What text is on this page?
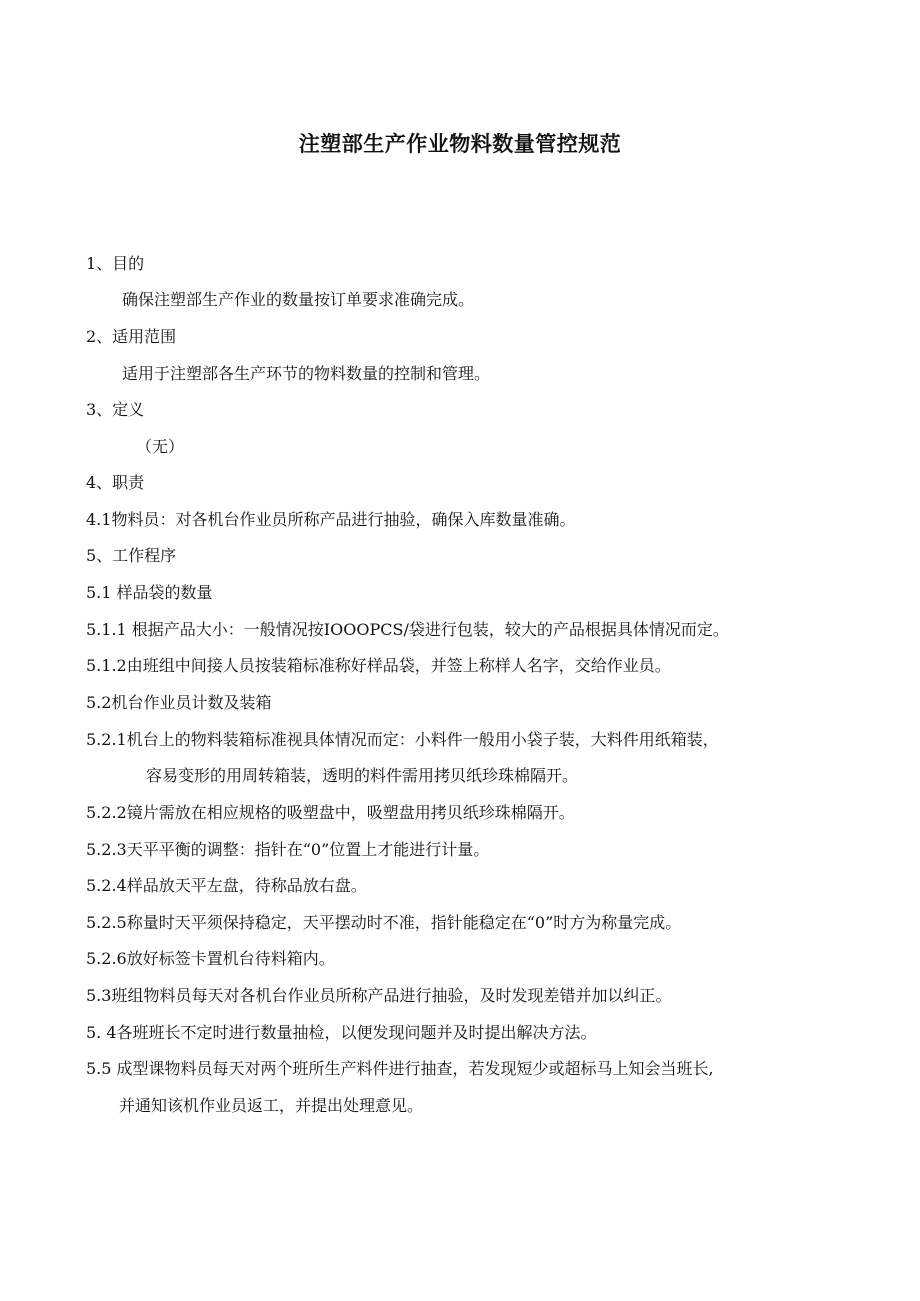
注塑部生产作业物料数量管控规范

1、目的

确保注塑部生产作业的数量按订单要求准确完成。

2、适用范围

适用于注塑部各生产环节的物料数量的控制和管理。

3、定义

（无）

4、职责

4.1物料员：对各机台作业员所称产品进行抽验，确保入库数量准确。

5、工作程序

5.1 样品袋的数量

5.1.1 根据产品大小：一般情况按IOOOPCS/袋进行包装，较大的产品根据具体情况而定。

5.1.2由班组中间接人员按装箱标准称好样品袋，并签上称样人名字，交给作业员。

5.2机台作业员计数及装箱

5.2.1机台上的物料装箱标准视具体情况而定：小料件一般用小袋子装，大料件用纸箱装，

容易变形的用周转箱装，透明的料件需用拷贝纸珍珠棉隔开。

5.2.2镜片需放在相应规格的吸塑盘中，吸塑盘用拷贝纸珍珠棉隔开。

5.2.3天平平衡的调整：指针在“0”位置上才能进行计量。

5.2.4样品放天平左盘，待称品放右盘。

5.2.5称量时天平须保持稳定，天平摆动时不准，指针能稳定在“0”时方为称量完成。

5.2.6放好标签卡置机台待料箱内。

5.3班组物料员每天对各机台作业员所称产品进行抽验，及时发现差错并加以纠正。

5. 4各班班长不定时进行数量抽检，以便发现问题并及时提出解决方法。

5.5 成型课物料员每天对两个班所生产料件进行抽查，若发现短少或超标马上知会当班长,

并通知该机作业员返工，并提出处理意见。
